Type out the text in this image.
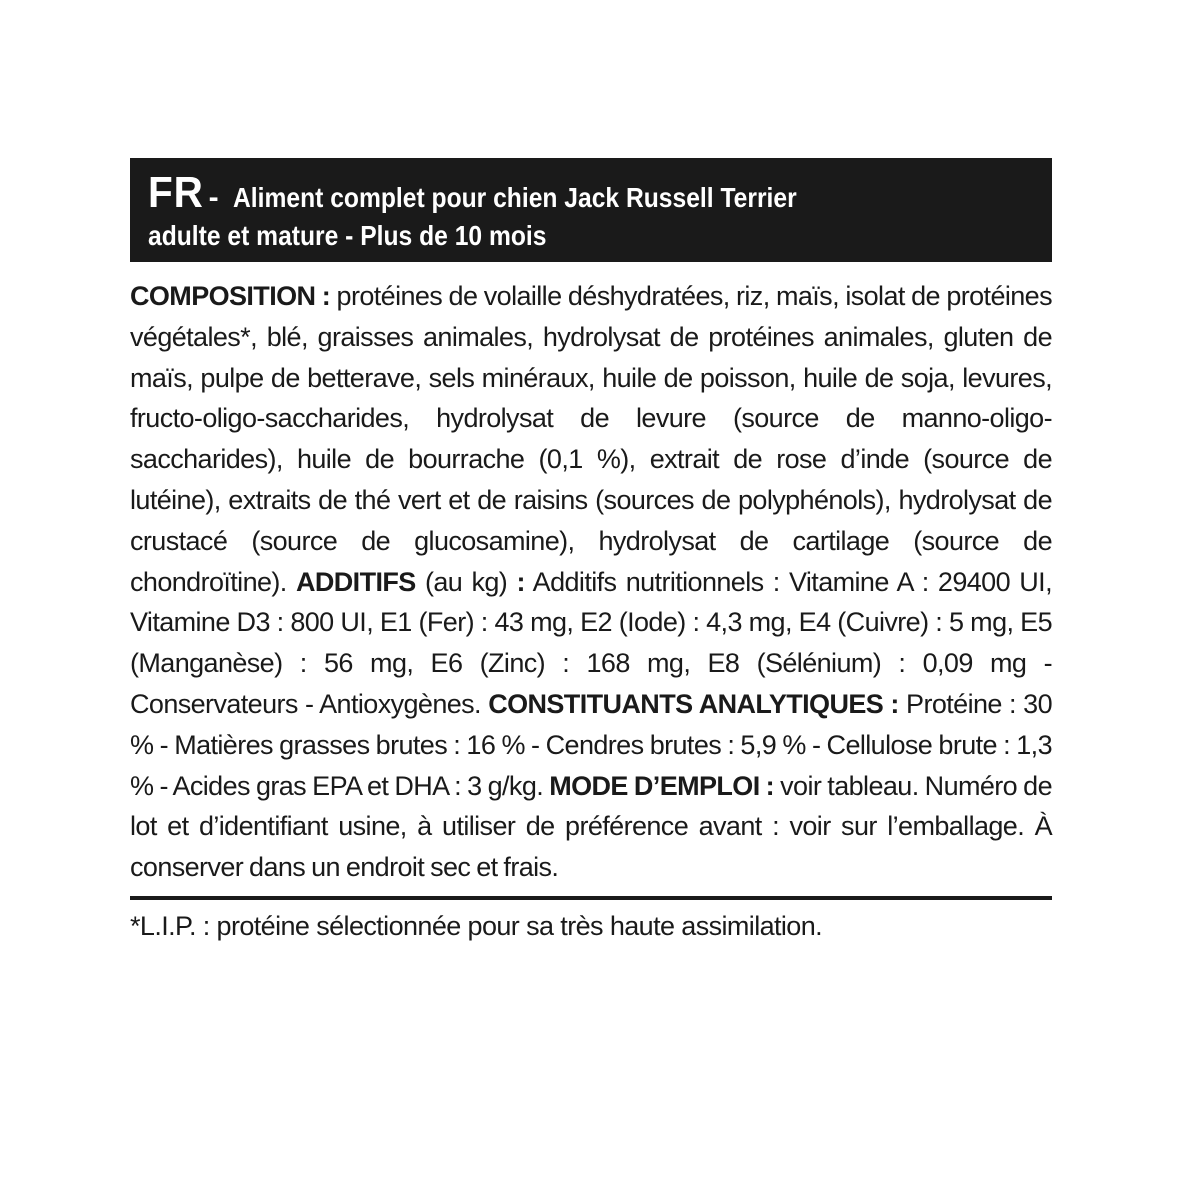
FR - Aliment complet pour chien Jack Russell Terrier
adulte et mature - Plus de 10 mois
COMPOSITION : protéines de volaille déshydratées, riz, maïs, isolat de protéines végétales*, blé, graisses animales, hydrolysat de protéines animales, gluten de maïs, pulpe de betterave, sels minéraux, huile de poisson, huile de soja, levures, fructo-oligo-saccharides, hydrolysat de levure (source de manno-oligo-saccharides), huile de bourrache (0,1 %), extrait de rose d’inde (source de lutéine), extraits de thé vert et de raisins (sources de polyphénols), hydrolysat de crustacé (source de glucosamine), hydrolysat de cartilage (source de chondroïtine). ADDITIFS (au kg) : Additifs nutritionnels : Vitamine A : 29400 UI, Vitamine D3 : 800 UI, E1 (Fer) : 43 mg, E2 (Iode) : 4,3 mg, E4 (Cuivre) : 5 mg, E5 (Manganèse) : 56 mg, E6 (Zinc) : 168 mg, E8 (Sélénium) : 0,09 mg - Conservateurs - Antioxygènes. CONSTITUANTS ANALYTIQUES : Protéine : 30 % - Matières grasses brutes : 16 % - Cendres brutes : 5,9 % - Cellulose brute : 1,3 % - Acides gras EPA et DHA : 3 g/kg. MODE D’EMPLOI : voir tableau. Numéro de lot et d’identifiant usine, à utiliser de préférence avant : voir sur l’emballage. À conserver dans un endroit sec et frais.
*L.I.P. : protéine sélectionnée pour sa très haute assimilation.
